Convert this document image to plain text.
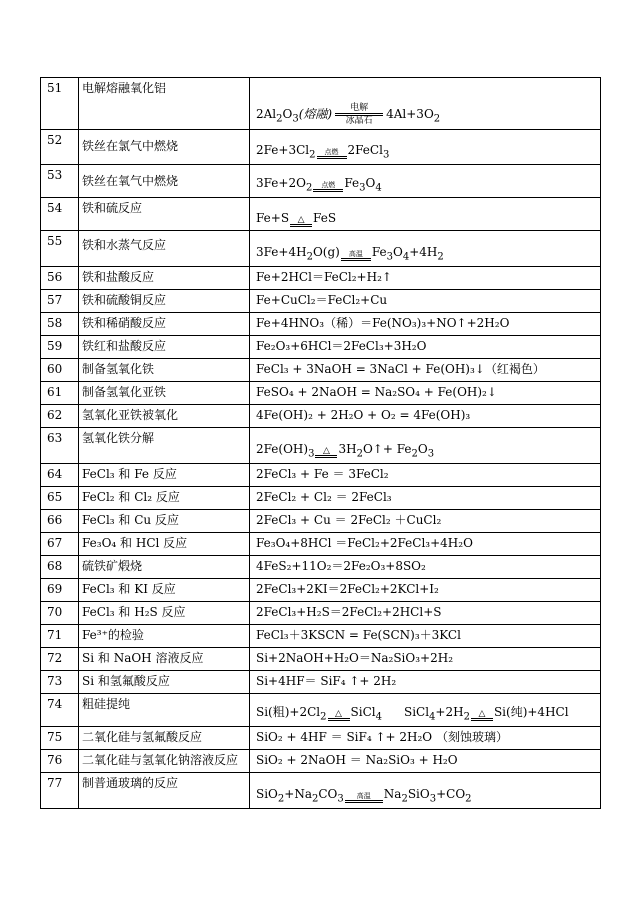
51	电解熔融氧化铝	$2Al_2O_3$(熔融) $\frac{\text{电解}}{\text{冰晶石}} 4Al+3O_2$

52	铁丝在氯气中燃烧	$2Fe+3Cl_2$ 点燃 2FeCl$_3$

53	铁丝在氧气中燃烧	$3Fe+2O_2$ 点燃 $Fe_3O_4$

54	铁和硫反应	Fe+S △ FeS

55	铁和水蒸气反应	$3Fe+4H_2O(g)$ 高温 $Fe_3O_4+4H_2$

56	铁和盐酸反应	Fe+2HCl＝FeCl₂+H₂↑
57	铁和硫酸铜反应	Fe+CuCl₂＝FeCl₂+Cu
58	铁和稀硝酸反应	Fe+4HNO₃（稀）＝Fe(NO₃)₃+NO↑+2H₂O
59	铁红和盐酸反应	Fe₂O₃+6HCl＝2FeCl₃+3H₂O
60	制备氢氧化铁	FeCl₃ + 3NaOH = 3NaCl + Fe(OH)₃↓（红褐色）
61	制备氢氧化亚铁	FeSO₄ + 2NaOH = Na₂SO₄ + Fe(OH)₂↓
62	氢氧化亚铁被氧化	4Fe(OH)₂ + 2H₂O + O₂ = 4Fe(OH)₃
63	氢氧化铁分解	$2Fe(OH)_3$ △ $3H_2O↑+ Fe_2O_3$

64	FeCl₃ 和 Fe 反应	2FeCl₃ + Fe ＝ 3FeCl₂
65	FeCl₂ 和 Cl₂ 反应	2FeCl₂ + Cl₂ ＝ 2FeCl₃
66	FeCl₃ 和 Cu 反应	2FeCl₃ + Cu ＝ 2FeCl₂ ＋CuCl₂
67	Fe₃O₄ 和 HCl 反应	Fe₃O₄+8HCl ＝FeCl₂+2FeCl₃+4H₂O
68	硫铁矿煅烧	4FeS₂+11O₂＝2Fe₂O₃+8SO₂
69	FeCl₃ 和 KI 反应	2FeCl₃+2KI＝2FeCl₂+2KCl+I₂
70	FeCl₃ 和 H₂S 反应	2FeCl₃+H₂S＝2FeCl₂+2HCl+S
71	Fe³⁺的检验	FeCl₃＋3KSCN = Fe(SCN)₃＋3KCl
72	Si 和 NaOH 溶液反应	Si+2NaOH+H₂O＝Na₂SiO₃+2H₂
73	Si 和氢氟酸反应	Si+4HF＝ SiF₄ ↑+ 2H₂
74	粗硅提纯	Si(粗)$+2Cl_2$ △ SiCl$_4$ $SiCl_4+2H_2$ △ Si(纯)+4HCl

75	二氧化硅与氢氟酸反应	SiO₂ + 4HF ＝ SiF₄ ↑+ 2H₂O （刻蚀玻璃）
76	二氧化硅与氢氧化钠溶液反应	SiO₂ + 2NaOH ＝ Na₂SiO₃ + H₂O
77	制普通玻璃的反应	$SiO_2+Na_2CO_3$ 高温 $Na_2SiO_3+CO_2$
